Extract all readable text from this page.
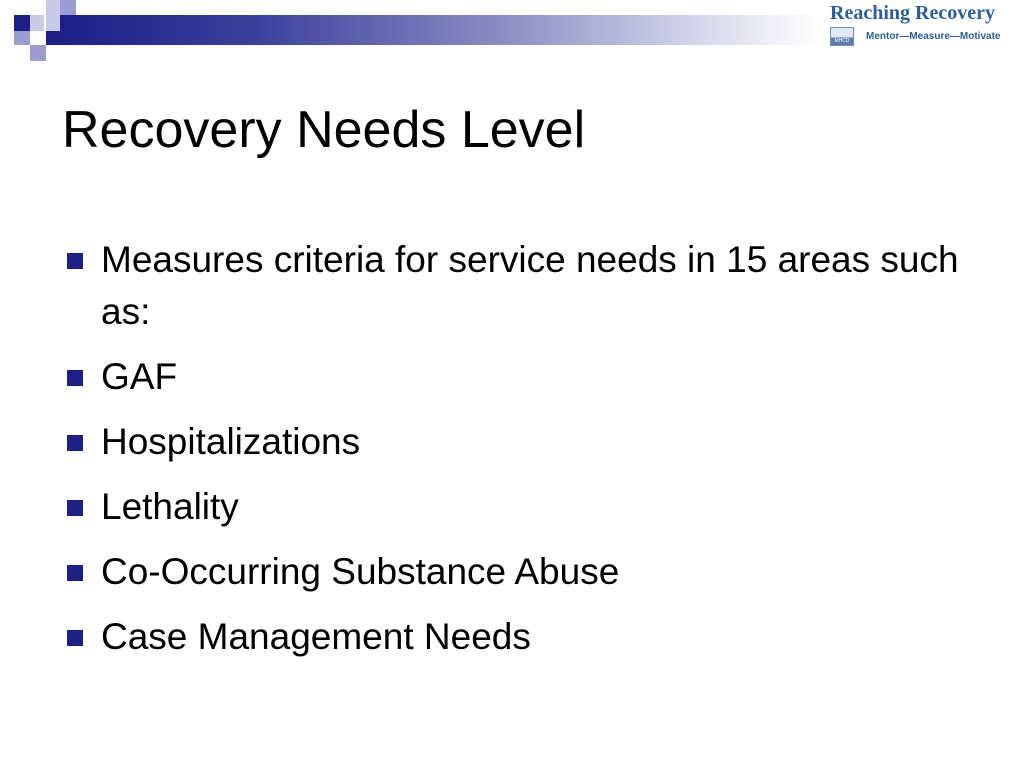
Reaching Recovery
MHCD	Mentor—Measure—Motivate
Recovery Needs Level
Measures criteria for service needs in 15 areas such as:
GAF
Hospitalizations
Lethality
Co-Occurring Substance Abuse
Case Management Needs
